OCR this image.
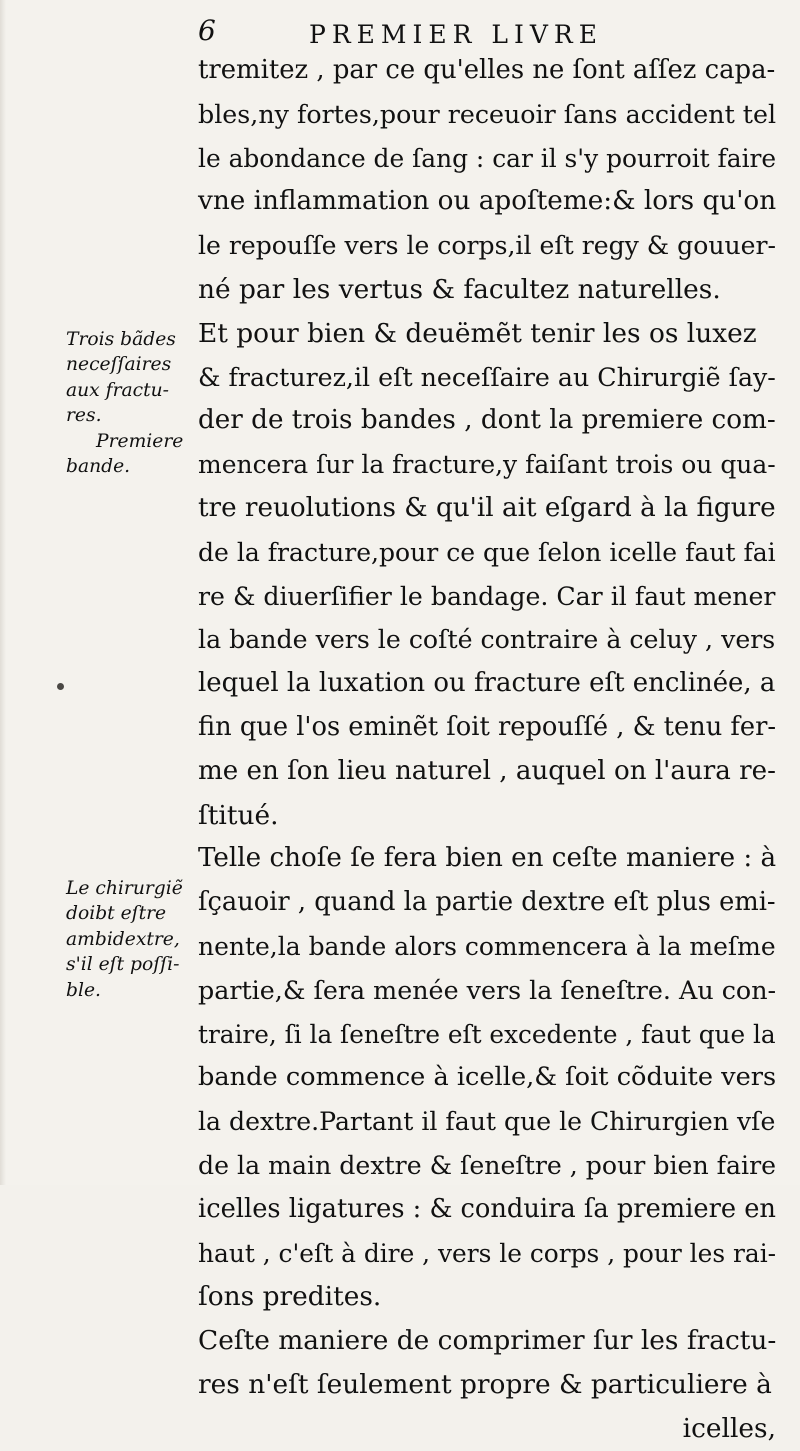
6	PREMIER LIVRE
Trois bãdes
neceſſaires
aux fractu-
res.
Premiere
bande.
Le chirurgiẽ
doibt eſtre
ambidextre,
s'il eſt poſſi-
ble.
tremitez , par ce qu'elles ne ſont aſſez capa-
bles,ny fortes,pour receuoir ſans accident tel
le abondance de ſang : car il s'y pourroit faire
vne inflammation ou apoſteme:& lors qu'on
le repouſſe vers le corps,il eſt regy & gouuer-
né par les vertus & facultez naturelles.
Et pour bien & deuëmẽt tenir les os luxez
& fracturez,il eſt neceſſaire au Chirurgiẽ ſay-
der de trois bandes , dont la premiere com-
mencera ſur la fracture,y faiſant trois ou qua-
tre reuolutions & qu'il ait eſgard à la figure
de la fracture,pour ce que ſelon icelle faut fai
re & diuerſifier le bandage. Car il faut mener
la bande vers le coſté contraire à celuy , vers
lequel la luxation ou fracture eſt enclinée, a
fin que l'os eminẽt ſoit repouſſé , & tenu fer-
me en ſon lieu naturel , auquel on l'aura re-
ſtitué.
Telle choſe ſe fera bien en ceſte maniere : à
ſçauoir , quand la partie dextre eſt plus emi-
nente,la bande alors commencera à la meſme
partie,& ſera menée vers la ſeneſtre. Au con-
traire, ſi la ſeneſtre eſt excedente , faut que la
bande commence à icelle,& ſoit cõduite vers
la dextre.Partant il faut que le Chirurgien vſe
de la main dextre & ſeneſtre , pour bien faire
icelles ligatures : & conduira ſa premiere en
haut , c'eſt à dire , vers le corps , pour les rai-
ſons predites.
Ceſte maniere de comprimer ſur les fractu-
res n'eſt ſeulement propre & particuliere à
icelles,
